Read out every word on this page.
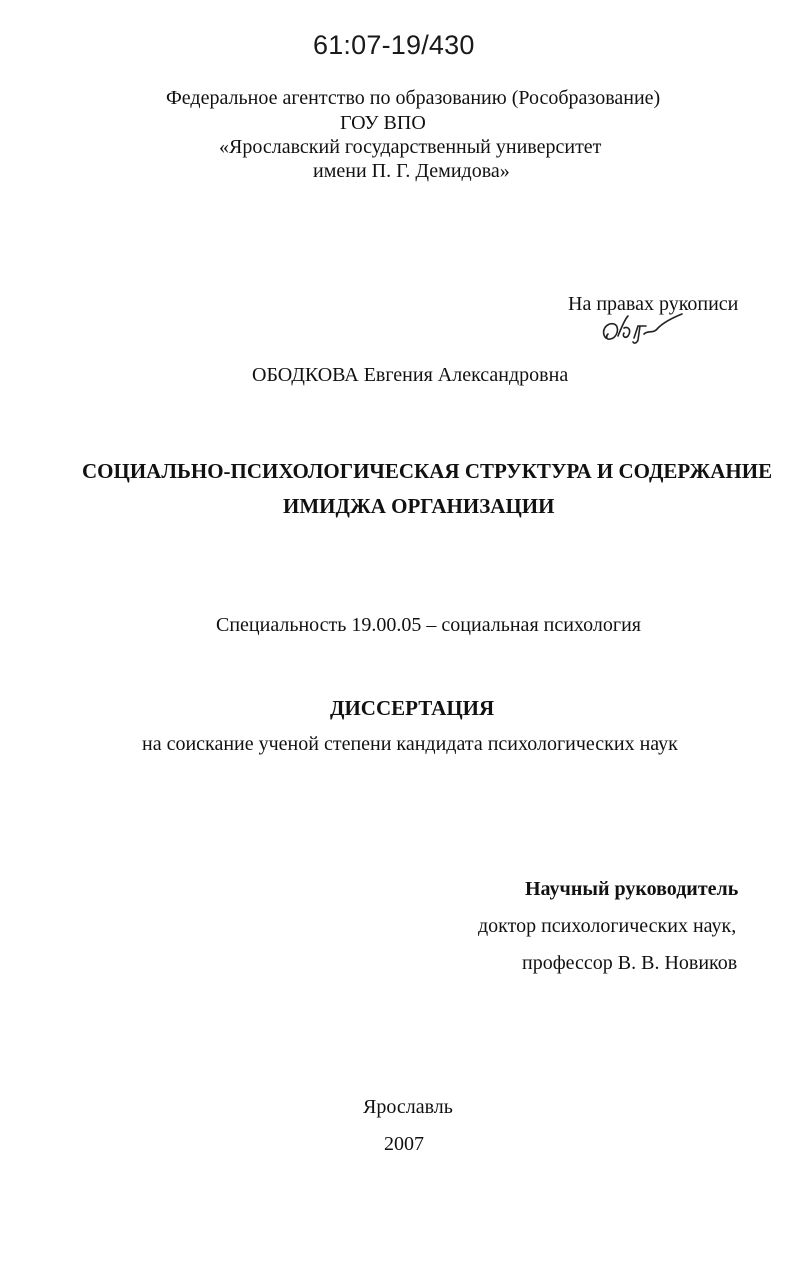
61:07-19/430
Федеральное агентство по образованию (Рособразование)
ГОУ ВПО
«Ярославский государственный университет
имени П. Г. Демидова»
На правах рукописи
ОБОДКОВА Евгения Александровна
СОЦИАЛЬНО-ПСИХОЛОГИЧЕСКАЯ СТРУКТУРА И СОДЕРЖАНИЕ
ИМИДЖА ОРГАНИЗАЦИИ
Специальность 19.00.05 – социальная психология
ДИССЕРТАЦИЯ
на соискание ученой степени кандидата психологических наук
Научный руководитель
доктор психологических наук,
профессор В. В. Новиков
Ярославль
2007
